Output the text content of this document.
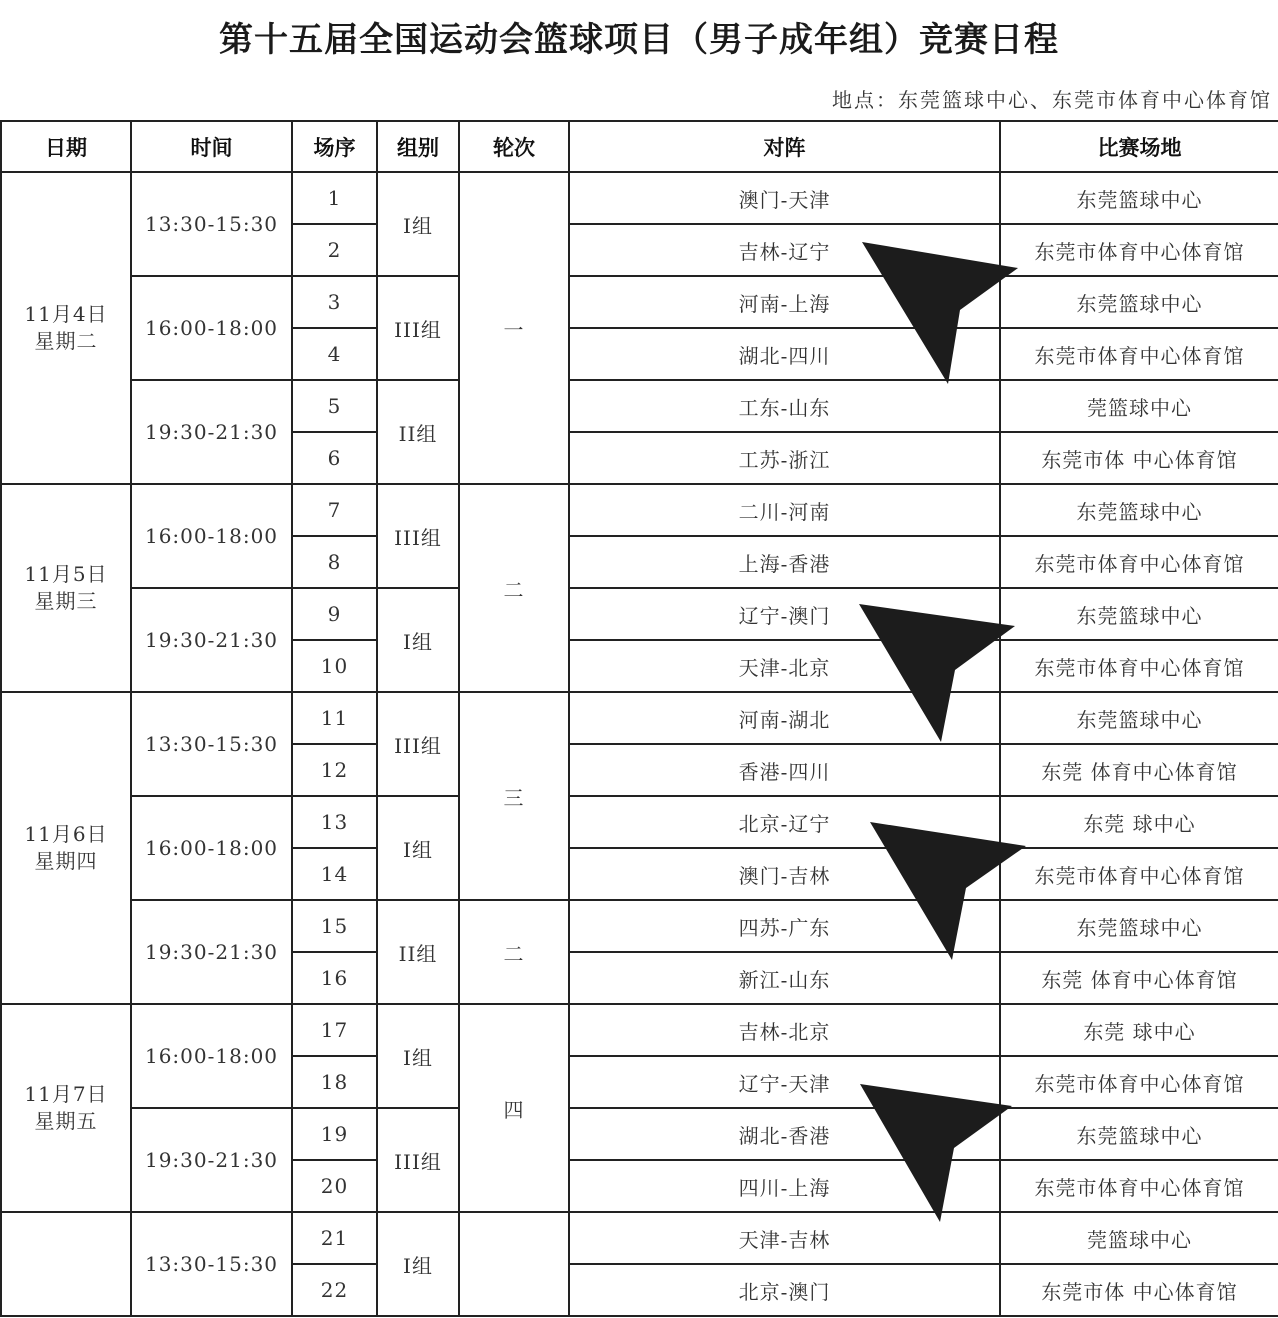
第十五届全国运动会篮球项目（男子成年组）竞赛日程
地点：东莞篮球中心、东莞市体育中心体育馆
日期	时间	场序	组别	轮次	对阵	比赛场地

11月4日
星期二	13:30-15:30	1	I组	一	澳门-天津	东莞篮球中心
		2			吉林-辽宁	东莞市体育中心体育馆
	16:00-18:00	3	III组		河南-上海	东莞篮球中心
		4			湖北-四川	东莞市体育中心体育馆
	19:30-21:30	5	II组		工东-山东	莞篮球中心
		6			工苏-浙江	东莞市体 中心体育馆

11月5日
星期三	16:00-18:00	7	III组	二	二川-河南	东莞篮球中心
		8			上海-香港	东莞市体育中心体育馆
	19:30-21:30	9	I组		辽宁-澳门	东莞篮球中心
		10			天津-北京	东莞市体育中心体育馆

11月6日
星期四	13:30-15:30	11	III组	三	河南-湖北	东莞篮球中心
		12			香港-四川	东莞 体育中心体育馆
	16:00-18:00	13	I组		北京-辽宁	东莞 球中心
		14			澳门-吉林	东莞市体育中心体育馆
	19:30-21:30	15	II组	二	四苏-广东	东莞篮球中心
		16			新江-山东	东莞 体育中心体育馆

11月7日
星期五	16:00-18:00	17	I组	四	吉林-北京	东莞 球中心
		18			辽宁-天津	东莞市体育中心体育馆
	19:30-21:30	19	III组		湖北-香港	东莞篮球中心
		20			四川-上海	东莞市体育中心体育馆
	13:30-15:30	21	I组		天津-吉林	莞篮球中心
		22			北京-澳门	东莞市体 中心体育馆
